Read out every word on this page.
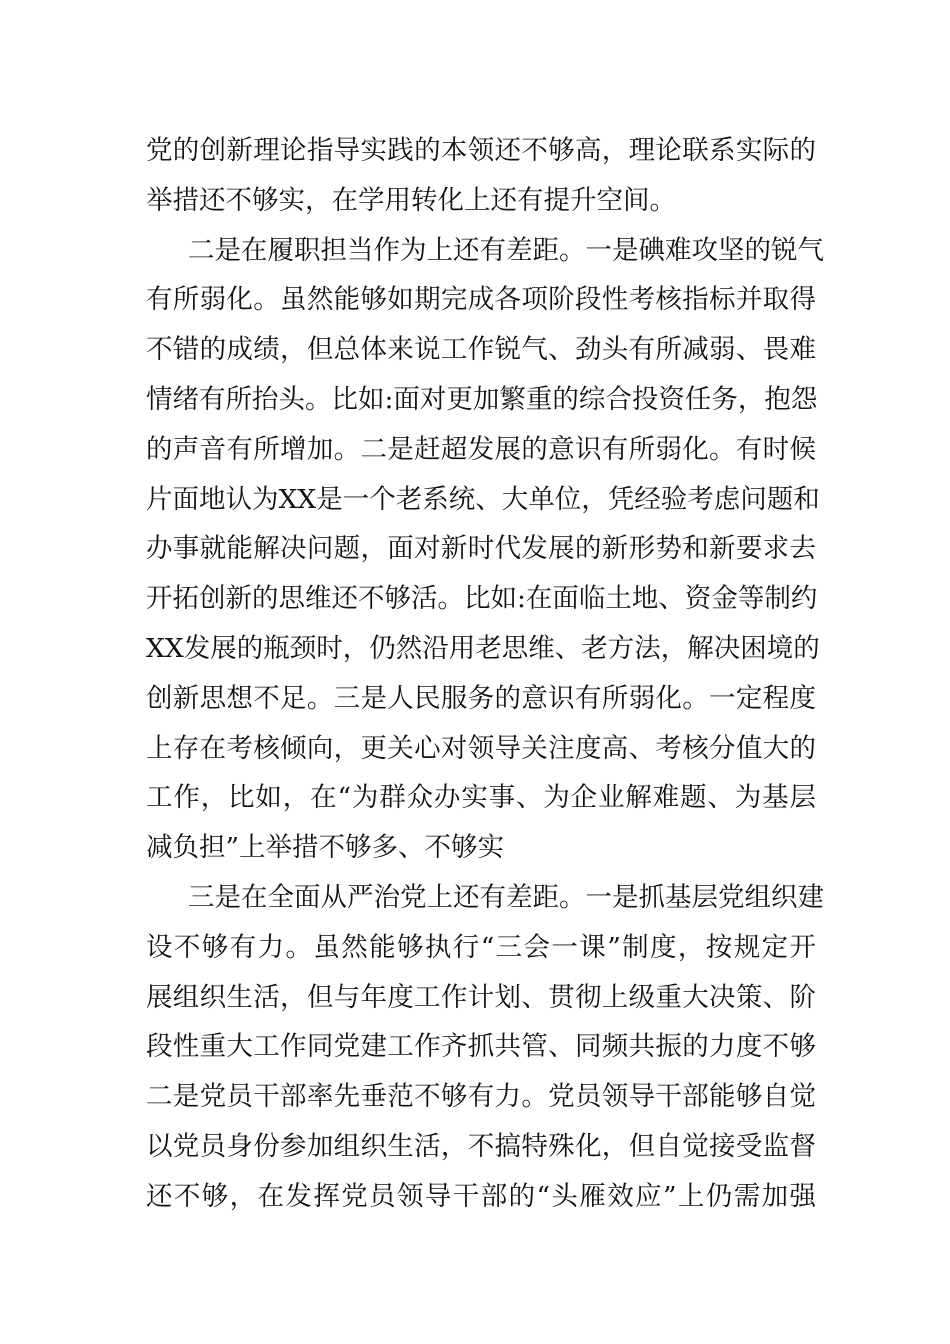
党的创新理论指导实践的本领还不够高，理论联系实际的
举措还不够实，在学用转化上还有提升空间。
二是在履职担当作为上还有差距。一是碘难攻坚的锐气
有所弱化。虽然能够如期完成各项阶段性考核指标并取得
不错的成绩，但总体来说工作锐气、劲头有所减弱、畏难
情绪有所抬头。比如:面对更加繁重的综合投资任务，抱怨
的声音有所增加。二是赶超发展的意识有所弱化。有时候
片面地认为XX是一个老系统、大单位，凭经验考虑问题和
办事就能解决问题，面对新时代发展的新形势和新要求去
开拓创新的思维还不够活。比如:在面临土地、资金等制约
XX发展的瓶颈时，仍然沿用老思维、老方法，解决困境的
创新思想不足。三是人民服务的意识有所弱化。一定程度
上存在考核倾向，更关心对领导关注度高、考核分值大的
工作，比如，在“为群众办实事、为企业解难题、为基层
减负担”上举措不够多、不够实
三是在全面从严治党上还有差距。一是抓基层党组织建
设不够有力。虽然能够执行“三会一课”制度，按规定开
展组织生活，但与年度工作计划、贯彻上级重大决策、阶
段性重大工作同党建工作齐抓共管、同频共振的力度不够
二是党员干部率先垂范不够有力。党员领导干部能够自觉
以党员身份参加组织生活，不搞特殊化，但自觉接受监督
还不够，在发挥党员领导干部的“头雁效应”上仍需加强
